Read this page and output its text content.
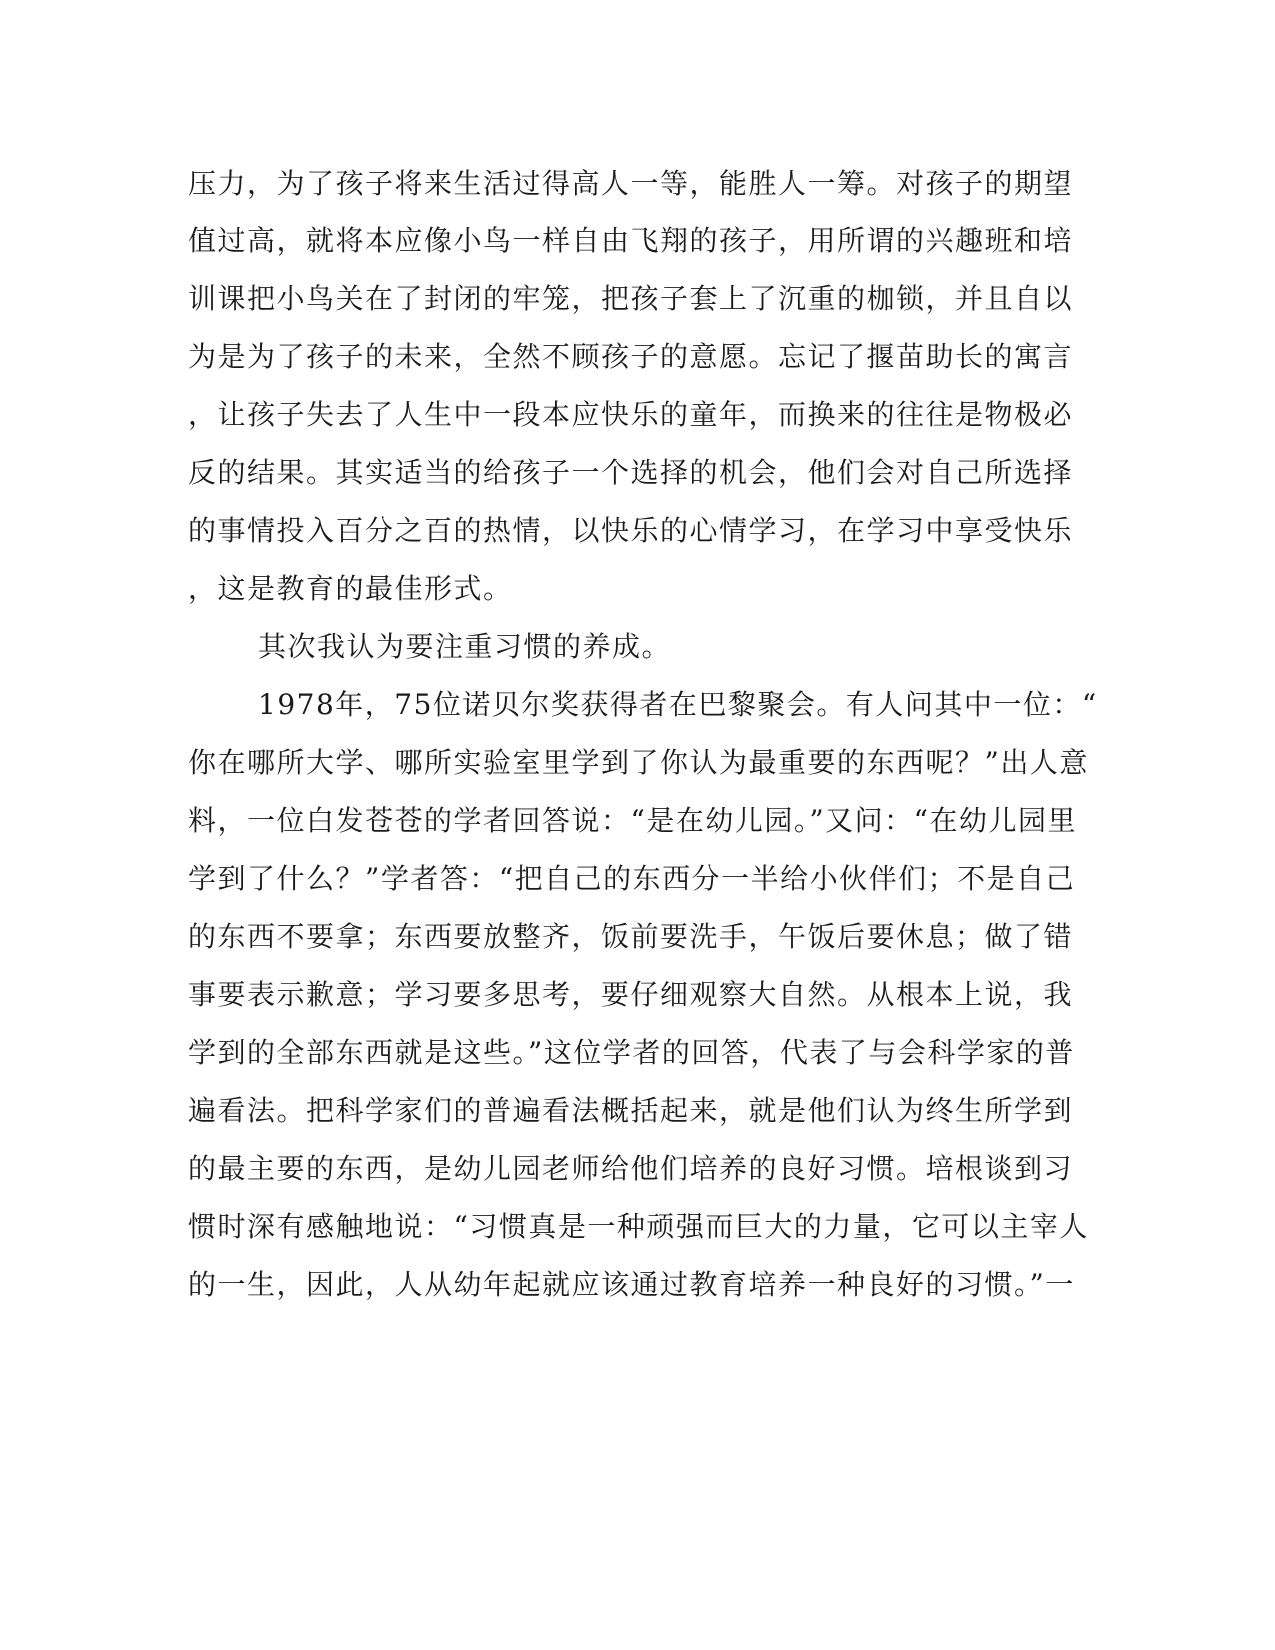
压力，为了孩子将来生活过得高人一等，能胜人一筹。对孩子的期望
值过高，就将本应像小鸟一样自由飞翔的孩子，用所谓的兴趣班和培
训课把小鸟关在了封闭的牢笼，把孩子套上了沉重的枷锁，并且自以
为是为了孩子的未来，全然不顾孩子的意愿。忘记了揠苗助长的寓言
，让孩子失去了人生中一段本应快乐的童年，而换来的往往是物极必
反的结果。其实适当的给孩子一个选择的机会，他们会对自己所选择
的事情投入百分之百的热情，以快乐的心情学习，在学习中享受快乐
，这是教育的最佳形式。
其次我认为要注重习惯的养成。
1978年，75位诺贝尔奖获得者在巴黎聚会。有人问其中一位：“
你在哪所大学、哪所实验室里学到了你认为最重要的东西呢？”出人意
料，一位白发苍苍的学者回答说：“是在幼儿园。”又问：“在幼儿园里
学到了什么？”学者答：“把自己的东西分一半给小伙伴们；不是自己
的东西不要拿；东西要放整齐，饭前要洗手，午饭后要休息；做了错
事要表示歉意；学习要多思考，要仔细观察大自然。从根本上说，我
学到的全部东西就是这些。”这位学者的回答，代表了与会科学家的普
遍看法。把科学家们的普遍看法概括起来，就是他们认为终生所学到
的最主要的东西，是幼儿园老师给他们培养的良好习惯。培根谈到习
惯时深有感触地说：“习惯真是一种顽强而巨大的力量，它可以主宰人
的一生，因此，人从幼年起就应该通过教育培养一种良好的习惯。”一
